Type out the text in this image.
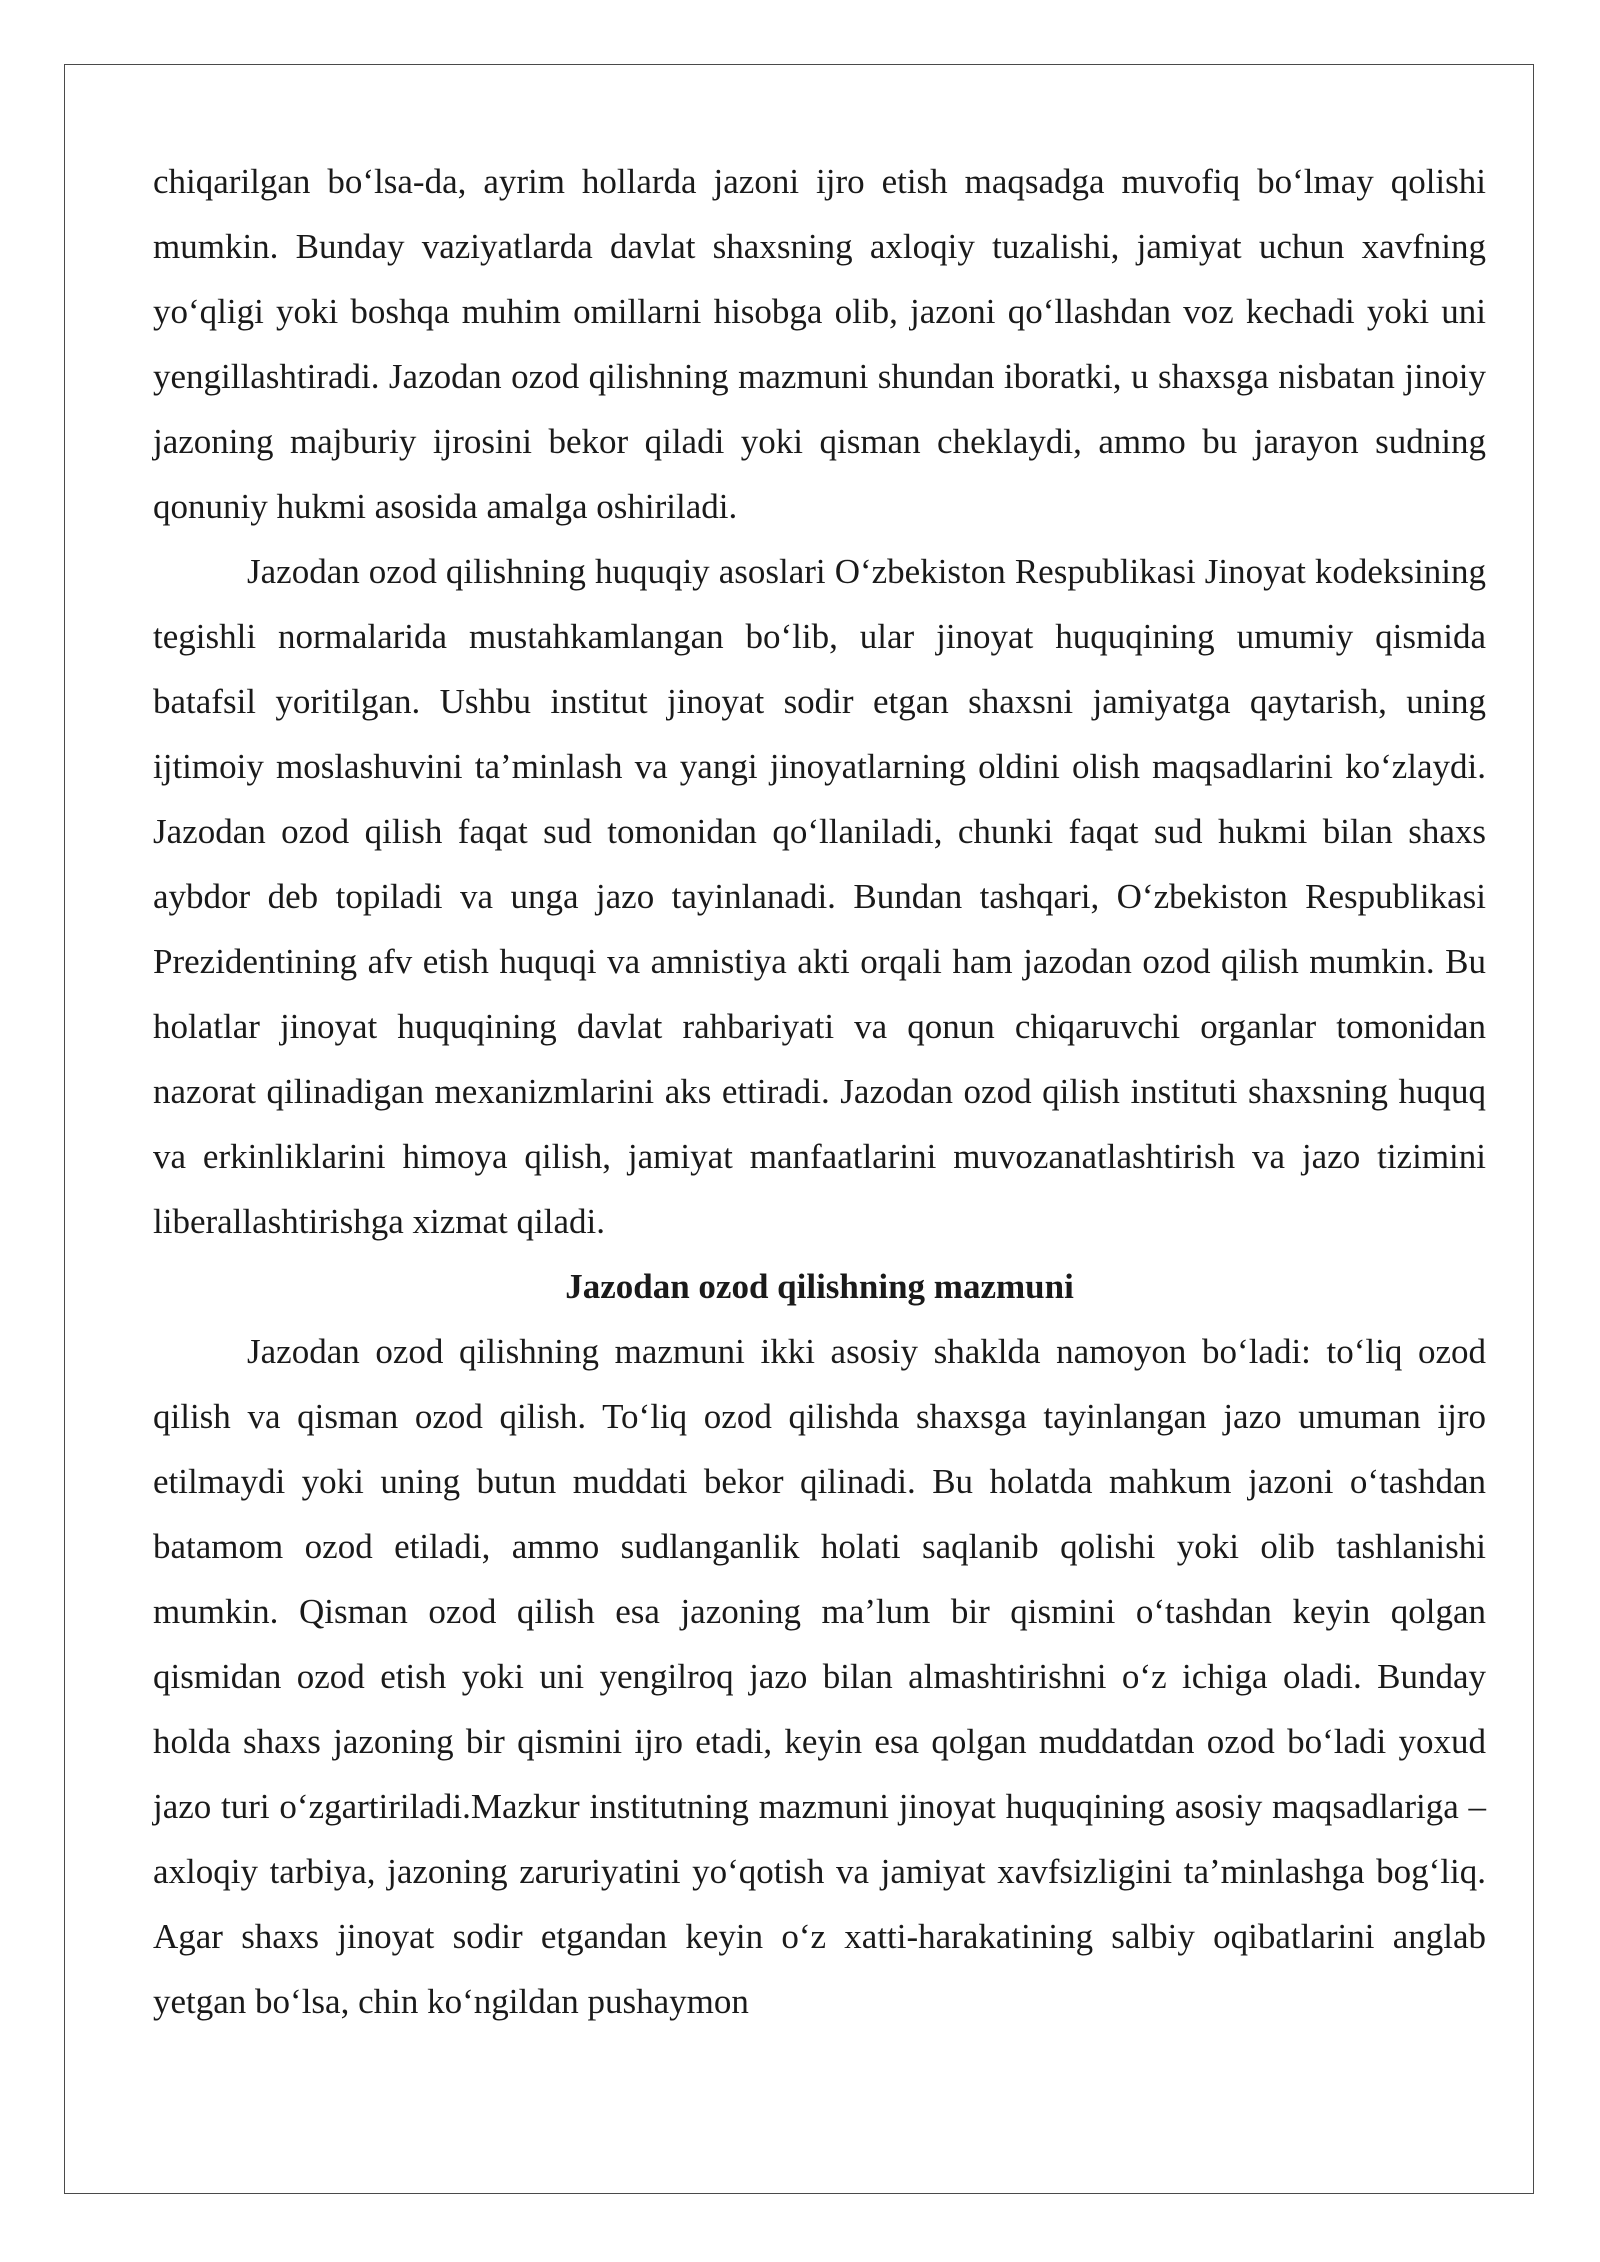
chiqarilgan bo‘lsa-da, ayrim hollarda jazoni ijro etish maqsadga muvofiq bo‘lmay qolishi mumkin. Bunday vaziyatlarda davlat shaxsning axloqiy tuzalishi, jamiyat uchun xavfning yo‘qligi yoki boshqa muhim omillarni hisobga olib, jazoni qo‘llashdan voz kechadi yoki uni yengillashtiradi. Jazodan ozod qilishning mazmuni shundan iboratki, u shaxsga nisbatan jinoiy jazoning majburiy ijrosini bekor qiladi yoki qisman cheklaydi, ammo bu jarayon sudning qonuniy hukmi asosida amalga oshiriladi.

Jazodan ozod qilishning huquqiy asoslari O‘zbekiston Respublikasi Jinoyat kodeksining tegishli normalarida mustahkamlangan bo‘lib, ular jinoyat huquqining umumiy qismida batafsil yoritilgan. Ushbu institut jinoyat sodir etgan shaxsni jamiyatga qaytarish, uning ijtimoiy moslashuvini ta’minlash va yangi jinoyatlarning oldini olish maqsadlarini ko‘zlaydi. Jazodan ozod qilish faqat sud tomonidan qo‘llaniladi, chunki faqat sud hukmi bilan shaxs aybdor deb topiladi va unga jazo tayinlanadi. Bundan tashqari, O‘zbekiston Respublikasi Prezidentining afv etish huquqi va amnistiya akti orqali ham jazodan ozod qilish mumkin. Bu holatlar jinoyat huquqining davlat rahbariyati va qonun chiqaruvchi organlar tomonidan nazorat qilinadigan mexanizmlarini aks ettiradi. Jazodan ozod qilish instituti shaxsning huquq va erkinliklarini himoya qilish, jamiyat manfaatlarini muvozanatlashtirish va jazo tizimini liberallashtirishga xizmat qiladi.

Jazodan ozod qilishning mazmuni

Jazodan ozod qilishning mazmuni ikki asosiy shaklda namoyon bo‘ladi: to‘liq ozod qilish va qisman ozod qilish. To‘liq ozod qilishda shaxsga tayinlangan jazo umuman ijro etilmaydi yoki uning butun muddati bekor qilinadi. Bu holatda mahkum jazoni o‘tashdan batamom ozod etiladi, ammo sudlanganlik holati saqlanib qolishi yoki olib tashlanishi mumkin. Qisman ozod qilish esa jazoning ma’lum bir qismini o‘tashdan keyin qolgan qismidan ozod etish yoki uni yengilroq jazo bilan almashtirishni o‘z ichiga oladi. Bunday holda shaxs jazoning bir qismini ijro etadi, keyin esa qolgan muddatdan ozod bo‘ladi yoxud jazo turi o‘zgartiriladi.Mazkur institutning mazmuni jinoyat huquqining asosiy maqsadlariga – axloqiy tarbiya, jazoning zaruriyatini yo‘qotish va jamiyat xavfsizligini ta’minlashga bog‘liq. Agar shaxs jinoyat sodir etgandan keyin o‘z xatti-harakatining salbiy oqibatlarini anglab yetgan bo‘lsa, chin ko‘ngildan pushaymon
